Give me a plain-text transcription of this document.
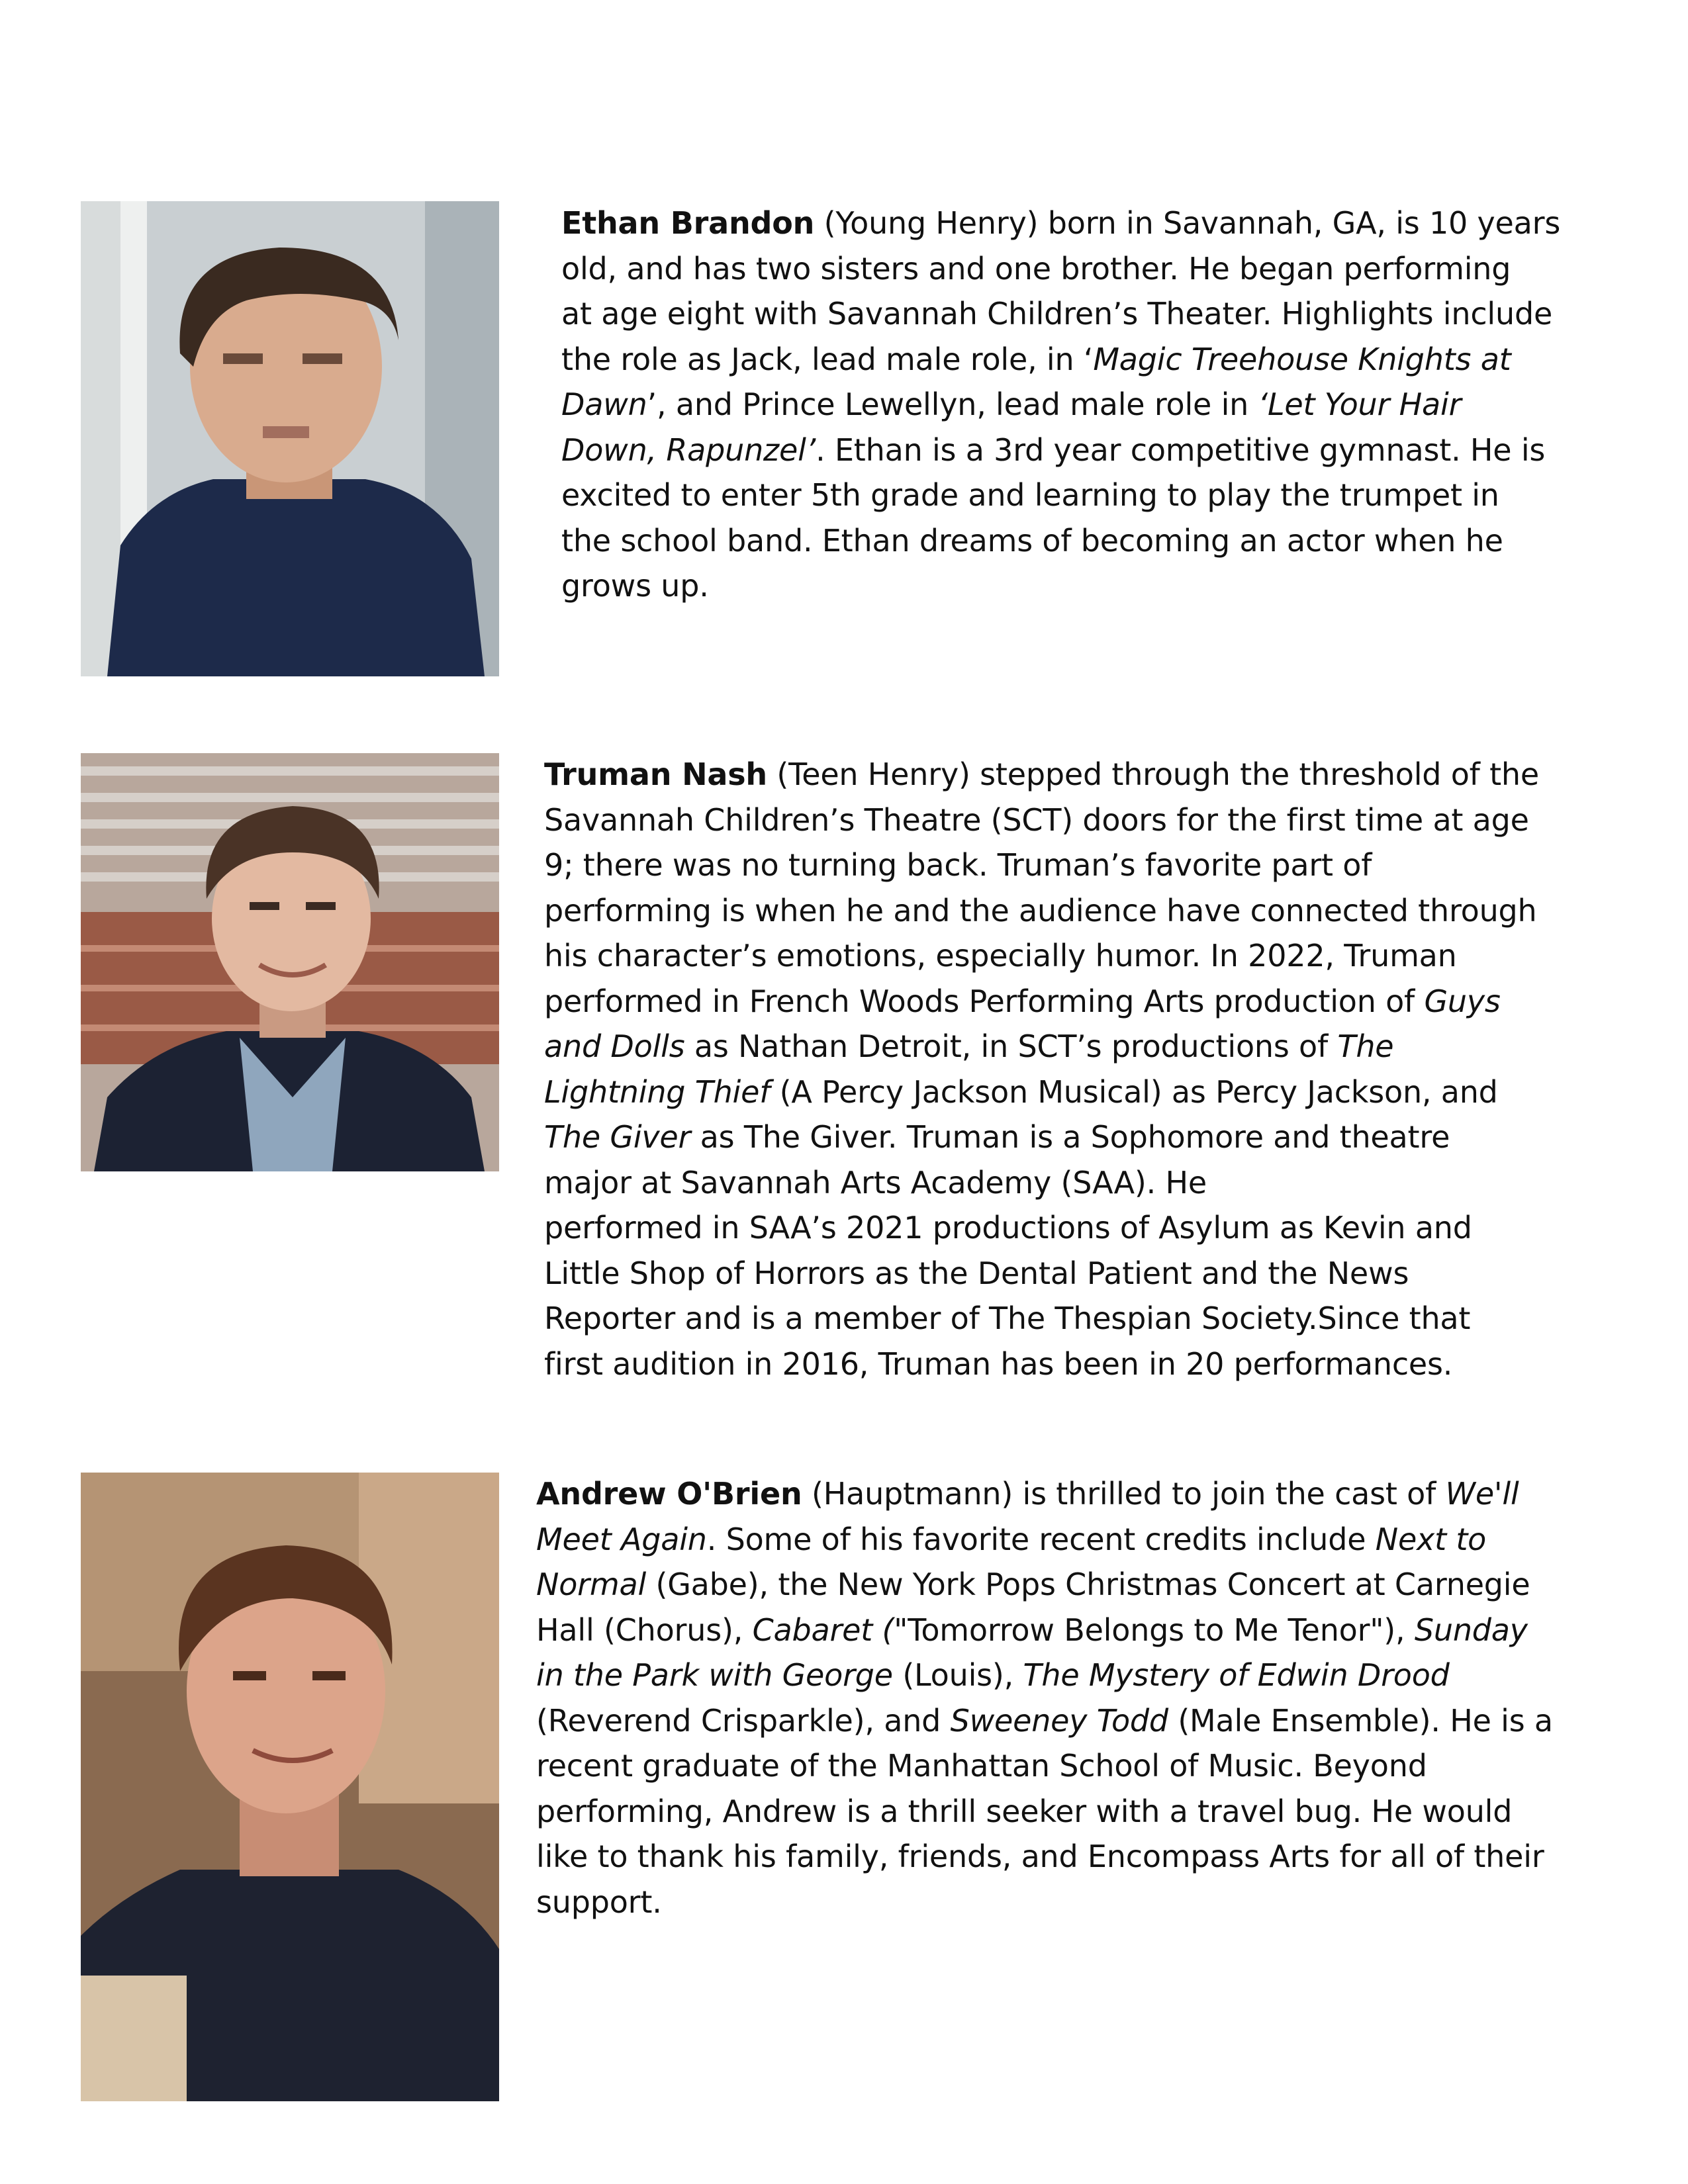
Ethan Brandon (Young Henry) born in Savannah, GA, is 10 years
old, and has two sisters and one brother. He began performing
at age eight with Savannah Children’s Theater. Highlights include
the role as Jack, lead male role, in ‘Magic Treehouse Knights at
Dawn’, and Prince Lewellyn, lead male role in ‘Let Your Hair
Down, Rapunzel’. Ethan is a 3rd year competitive gymnast. He is
excited to enter 5th grade and learning to play the trumpet in
the school band. Ethan dreams of becoming an actor when he
grows up.
Truman Nash (Teen Henry) stepped through the threshold of the
Savannah Children’s Theatre (SCT) doors for the first time at age
9; there was no turning back. Truman’s favorite part of
performing is when he and the audience have connected through
his character’s emotions, especially humor. In 2022, Truman
performed in French Woods Performing Arts production of Guys
and Dolls as Nathan Detroit, in SCT’s productions of The
Lightning Thief (A Percy Jackson Musical) as Percy Jackson, and
The Giver as The Giver. Truman is a Sophomore and theatre
major at Savannah Arts Academy (SAA). He
performed in SAA’s 2021 productions of Asylum as Kevin and
Little Shop of Horrors as the Dental Patient and the News
Reporter and is a member of The Thespian Society.Since that
first audition in 2016, Truman has been in 20 performances.
Andrew O'Brien (Hauptmann) is thrilled to join the cast of We'll
Meet Again. Some of his favorite recent credits include Next to
Normal (Gabe), the New York Pops Christmas Concert at Carnegie
Hall (Chorus), Cabaret ("Tomorrow Belongs to Me Tenor"), Sunday
in the Park with George (Louis), The Mystery of Edwin Drood
(Reverend Crisparkle), and Sweeney Todd (Male Ensemble). He is a
recent graduate of the Manhattan School of Music. Beyond
performing, Andrew is a thrill seeker with a travel bug. He would
like to thank his family, friends, and Encompass Arts for all of their
support.
